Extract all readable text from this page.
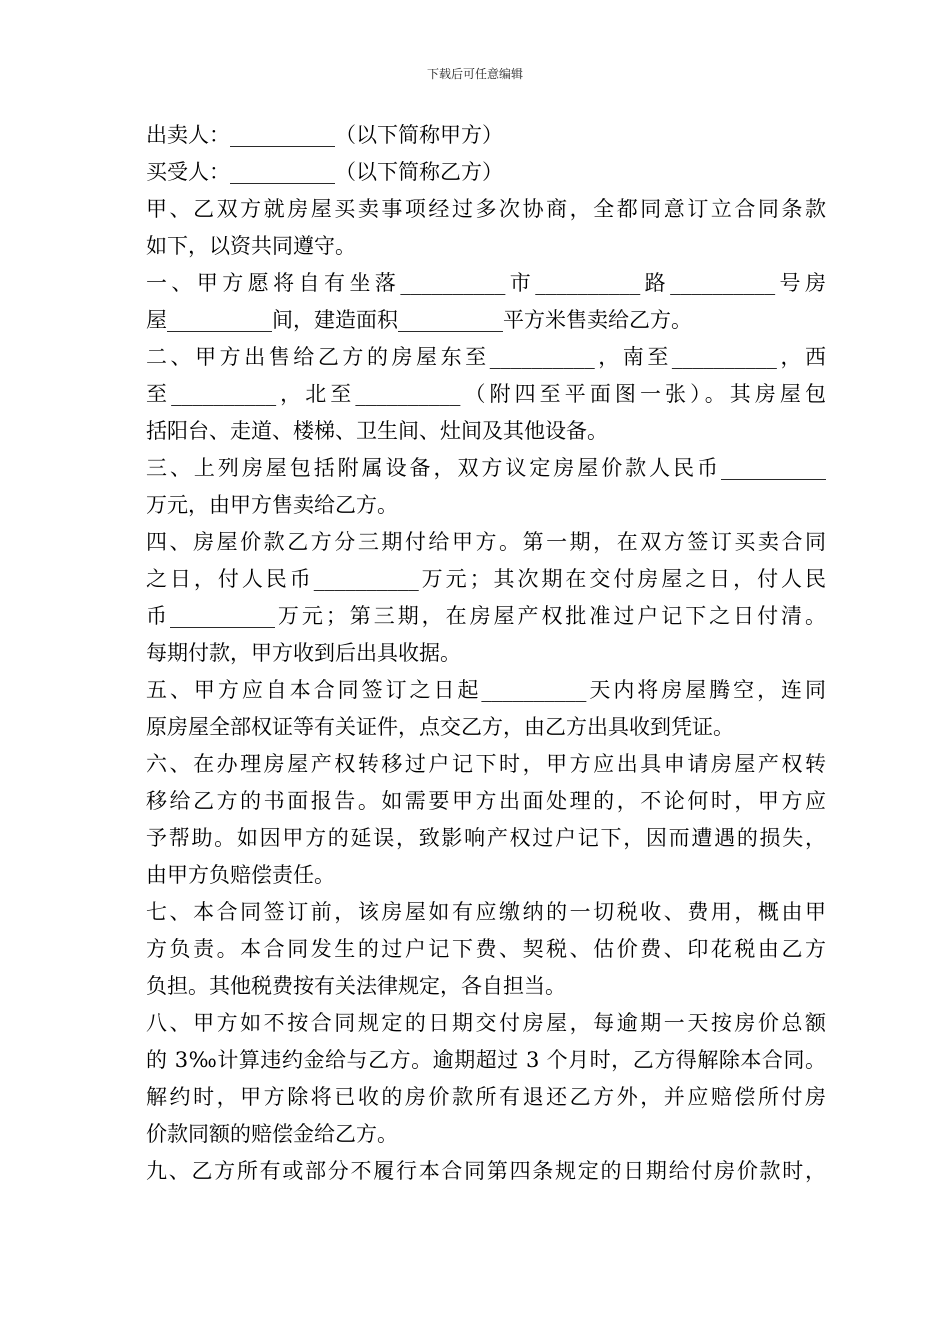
下载后可任意编辑
出卖人：__________（以下简称甲方）
买受人：__________（以下简称乙方）
甲、乙双方就房屋买卖事项经过多次协商，全都同意订立合同条款
如下，以资共同遵守。
一、甲方愿将自有坐落__________市__________路__________号房
屋__________间，建造面积__________平方米售卖给乙方。
二、甲方出售给乙方的房屋东至__________，南至__________，西
至__________，北至__________（附四至平面图一张）。其房屋包
括阳台、走道、楼梯、卫生间、灶间及其他设备。
三、上列房屋包括附属设备，双方议定房屋价款人民币__________
万元，由甲方售卖给乙方。
四、房屋价款乙方分三期付给甲方。第一期，在双方签订买卖合同
之日，付人民币__________万元；其次期在交付房屋之日，付人民
币__________万元；第三期，在房屋产权批准过户记下之日付清。
每期付款，甲方收到后出具收据。
五、甲方应自本合同签订之日起__________天内将房屋腾空，连同
原房屋全部权证等有关证件，点交乙方，由乙方出具收到凭证。
六、在办理房屋产权转移过户记下时，甲方应出具申请房屋产权转
移给乙方的书面报告。如需要甲方出面处理的，不论何时，甲方应
予帮助。如因甲方的延误，致影响产权过户记下，因而遭遇的损失，
由甲方负赔偿责任。
七、本合同签订前，该房屋如有应缴纳的一切税收、费用，概由甲
方负责。本合同发生的过户记下费、契税、估价费、印花税由乙方
负担。其他税费按有关法律规定，各自担当。
八、甲方如不按合同规定的日期交付房屋，每逾期一天按房价总额
的 3‰计算违约金给与乙方。逾期超过 3 个月时，乙方得解除本合同。
解约时，甲方除将已收的房价款所有退还乙方外，并应赔偿所付房
价款同额的赔偿金给乙方。
九、乙方所有或部分不履行本合同第四条规定的日期给付房价款时，
